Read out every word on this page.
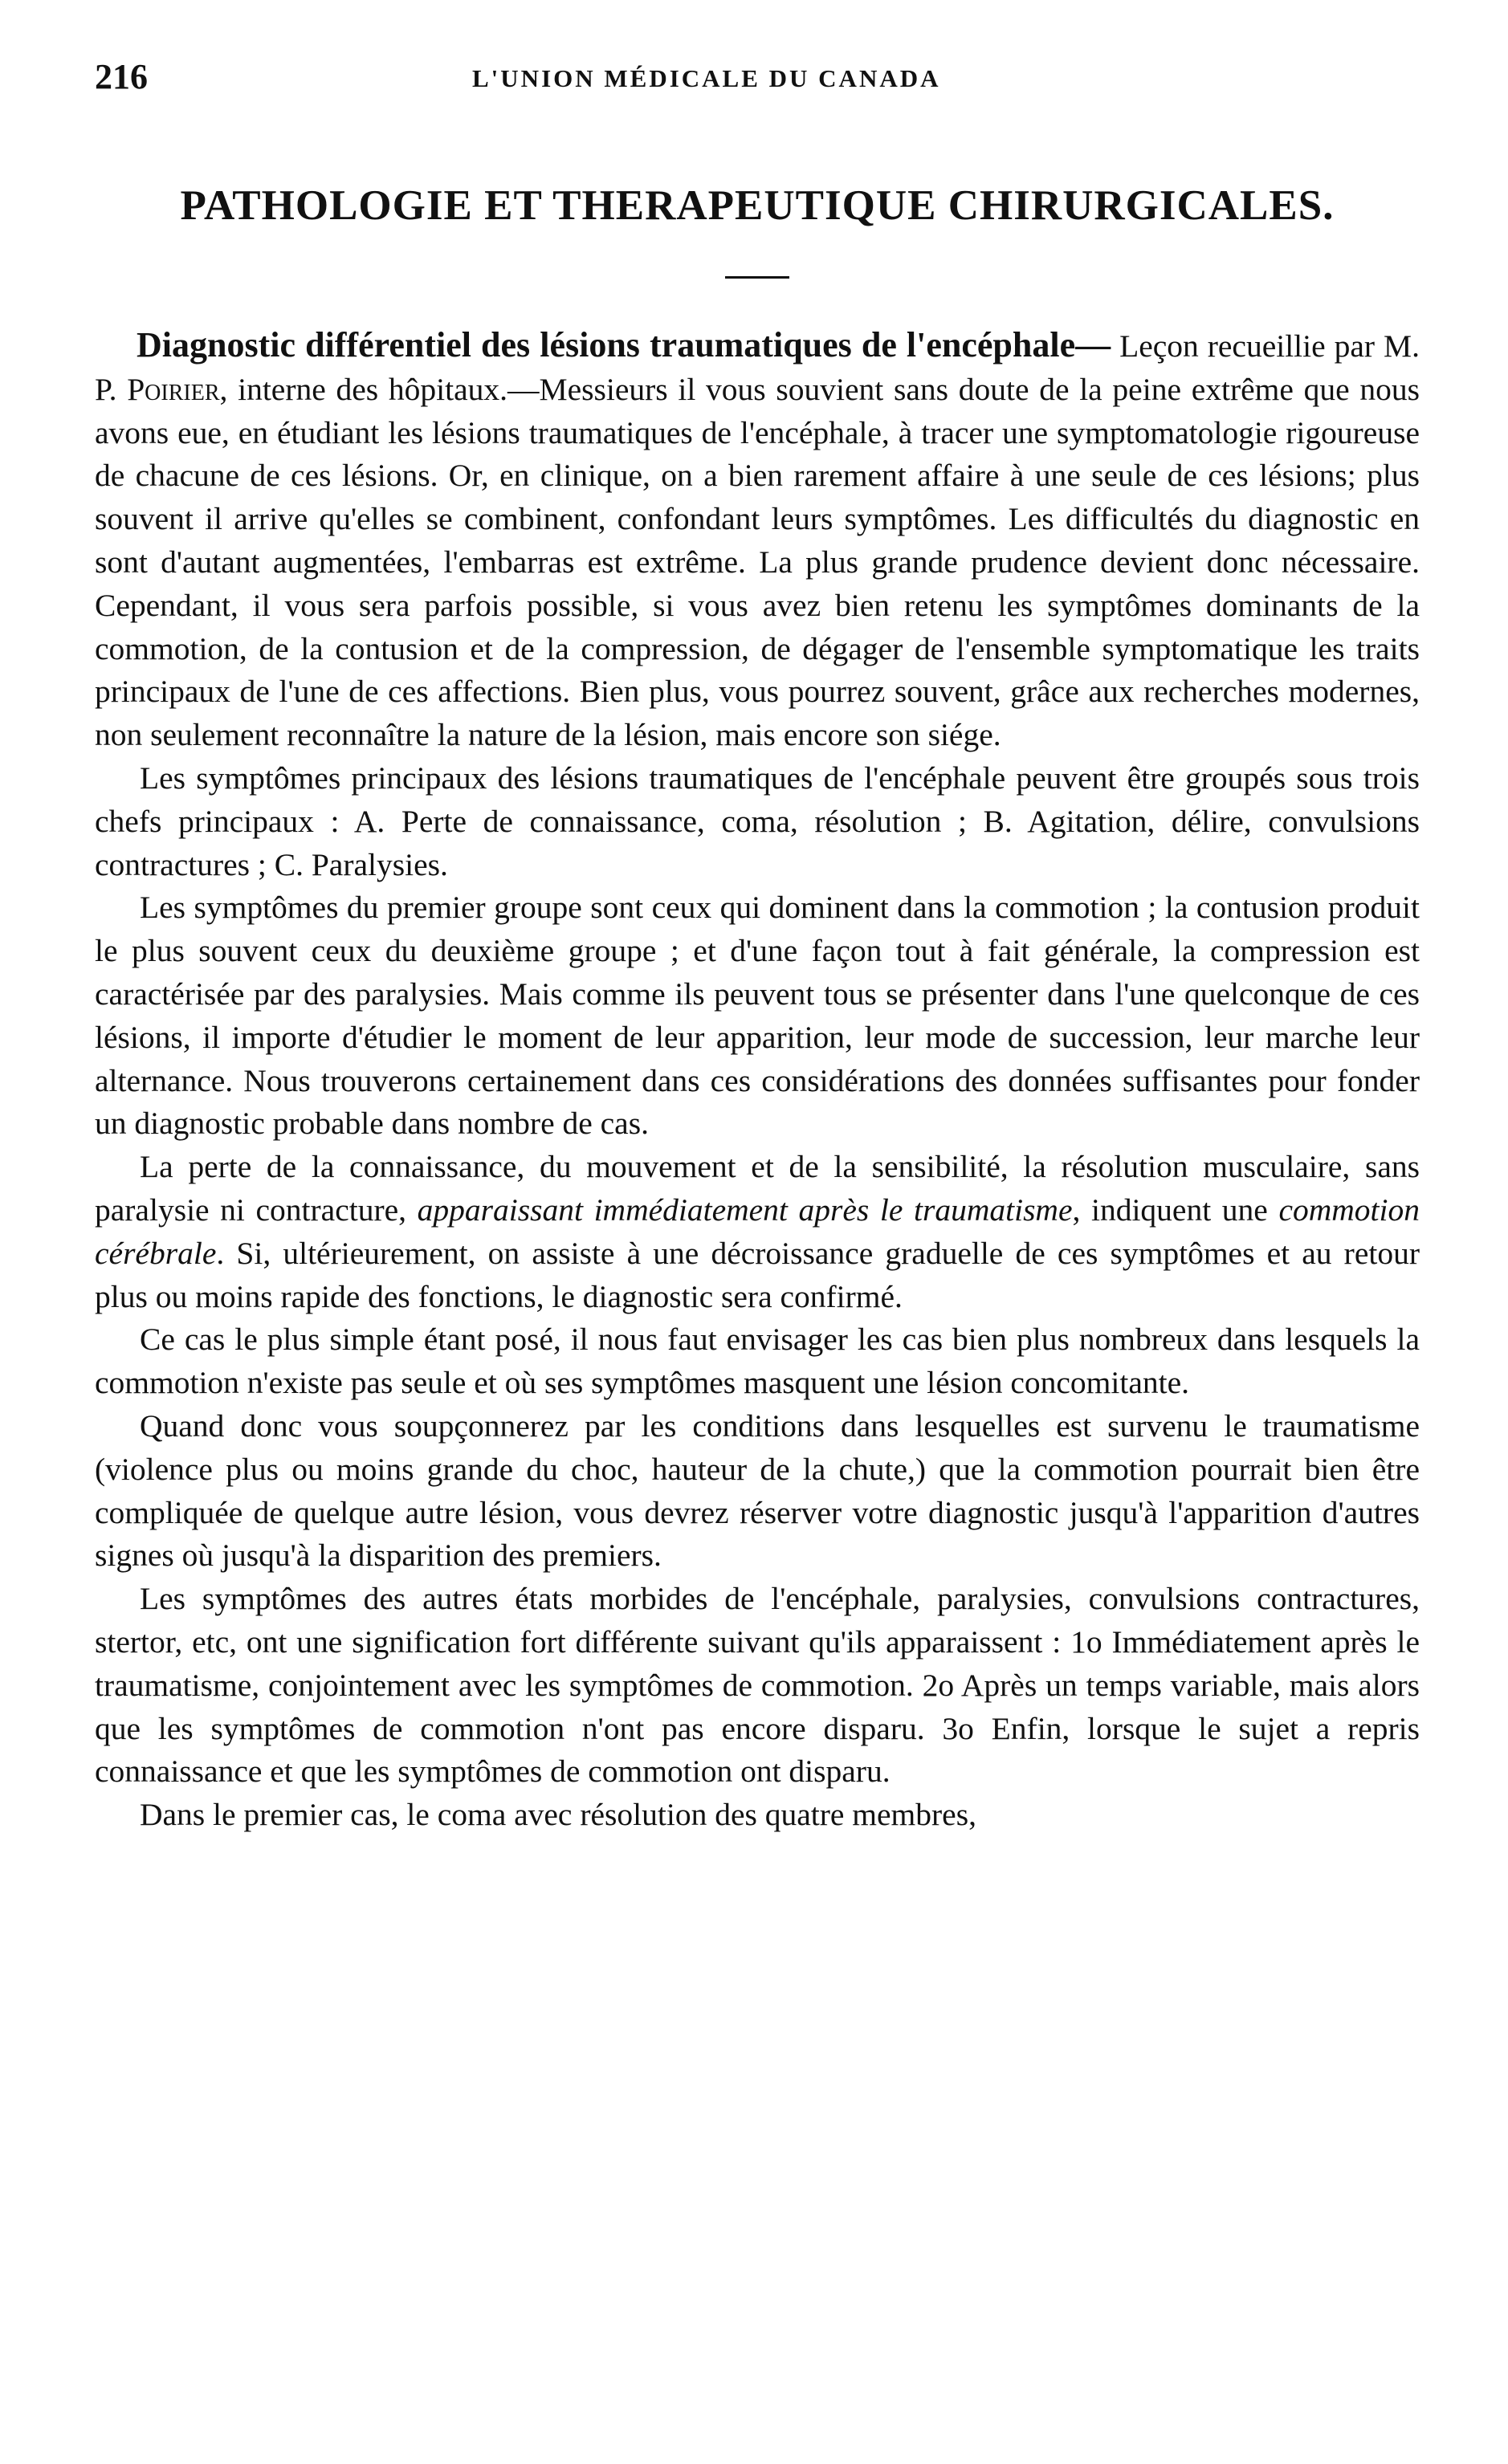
216	L'UNION MÉDICALE DU CANADA
PATHOLOGIE ET THERAPEUTIQUE CHIRURGICALES.

Diagnostic différentiel des lésions traumatiques de l'encéphale— Leçon recueillie par M. P. Poirier, interne des hôpitaux.—Messieurs il vous souvient sans doute de la peine extrême que nous avons eue, en étudiant les lésions traumatiques de l'encéphale, à tracer une symptomatologie rigoureuse de chacune de ces lésions. Or, en clinique, on a bien rarement affaire à une seule de ces lésions; plus souvent il arrive qu'elles se combinent, confondant leurs symptômes. Les difficultés du diagnostic en sont d'autant augmentées, l'embarras est extrême. La plus grande prudence devient donc nécessaire. Cependant, il vous sera parfois possible, si vous avez bien retenu les symptômes dominants de la commotion, de la contusion et de la compression, de dégager de l'ensemble symptomatique les traits principaux de l'une de ces affections. Bien plus, vous pourrez souvent, grâce aux recherches modernes, non seulement reconnaître la nature de la lésion, mais encore son siége.

Les symptômes principaux des lésions traumatiques de l'encéphale peuvent être groupés sous trois chefs principaux : A. Perte de connaissance, coma, résolution ; B. Agitation, délire, convulsions contractures ; C. Paralysies.

Les symptômes du premier groupe sont ceux qui dominent dans la commotion ; la contusion produit le plus souvent ceux du deuxième groupe ; et d'une façon tout à fait générale, la compression est caractérisée par des paralysies. Mais comme ils peuvent tous se présenter dans l'une quelconque de ces lésions, il importe d'étudier le moment de leur apparition, leur mode de succession, leur marche leur alternance. Nous trouverons certainement dans ces considérations des données suffisantes pour fonder un diagnostic probable dans nombre de cas.

La perte de la connaissance, du mouvement et de la sensibilité, la résolution musculaire, sans paralysie ni contracture, apparaissant immédiatement après le traumatisme, indiquent une commotion cérébrale. Si, ultérieurement, on assiste à une décroissance graduelle de ces symptômes et au retour plus ou moins rapide des fonctions, le diagnostic sera confirmé.

Ce cas le plus simple étant posé, il nous faut envisager les cas bien plus nombreux dans lesquels la commotion n'existe pas seule et où ses symptômes masquent une lésion concomitante.

Quand donc vous soupçonnerez par les conditions dans lesquelles est survenu le traumatisme (violence plus ou moins grande du choc, hauteur de la chute,) que la commotion pourrait bien être compliquée de quelque autre lésion, vous devrez réserver votre diagnostic jusqu'à l'apparition d'autres signes où jusqu'à la disparition des premiers.

Les symptômes des autres états morbides de l'encéphale, paralysies, convulsions contractures, stertor, etc, ont une signification fort différente suivant qu'ils apparaissent : 1o Immédiatement après le traumatisme, conjointement avec les symptômes de commotion. 2o Après un temps variable, mais alors que les symptômes de commotion n'ont pas encore disparu. 3o Enfin, lorsque le sujet a repris connaissance et que les symptômes de commotion ont disparu.

Dans le premier cas, le coma avec résolution des quatre membres,
